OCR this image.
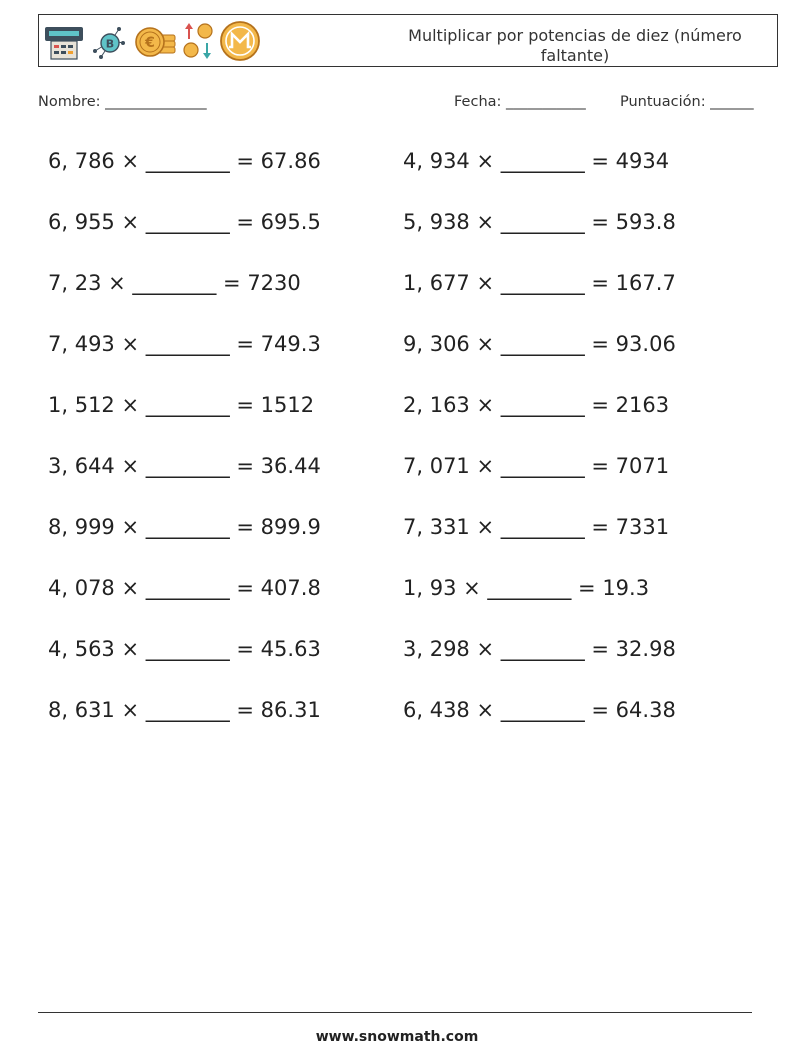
B €	Multiplicar por potencias de diez (número faltante)
Nombre: ______________	Fecha: ___________ Puntuación: ______
6, 786 × ________ = 67.86
6, 955 × ________ = 695.5
7, 23 × ________ = 7230
7, 493 × ________ = 749.3
1, 512 × ________ = 1512
3, 644 × ________ = 36.44
8, 999 × ________ = 899.9
4, 078 × ________ = 407.8
4, 563 × ________ = 45.63
8, 631 × ________ = 86.31
4, 934 × ________ = 4934
5, 938 × ________ = 593.8
1, 677 × ________ = 167.7
9, 306 × ________ = 93.06
2, 163 × ________ = 2163
7, 071 × ________ = 7071
7, 331 × ________ = 7331
1, 93 × ________ = 19.3
3, 298 × ________ = 32.98
6, 438 × ________ = 64.38
www.snowmath.com
